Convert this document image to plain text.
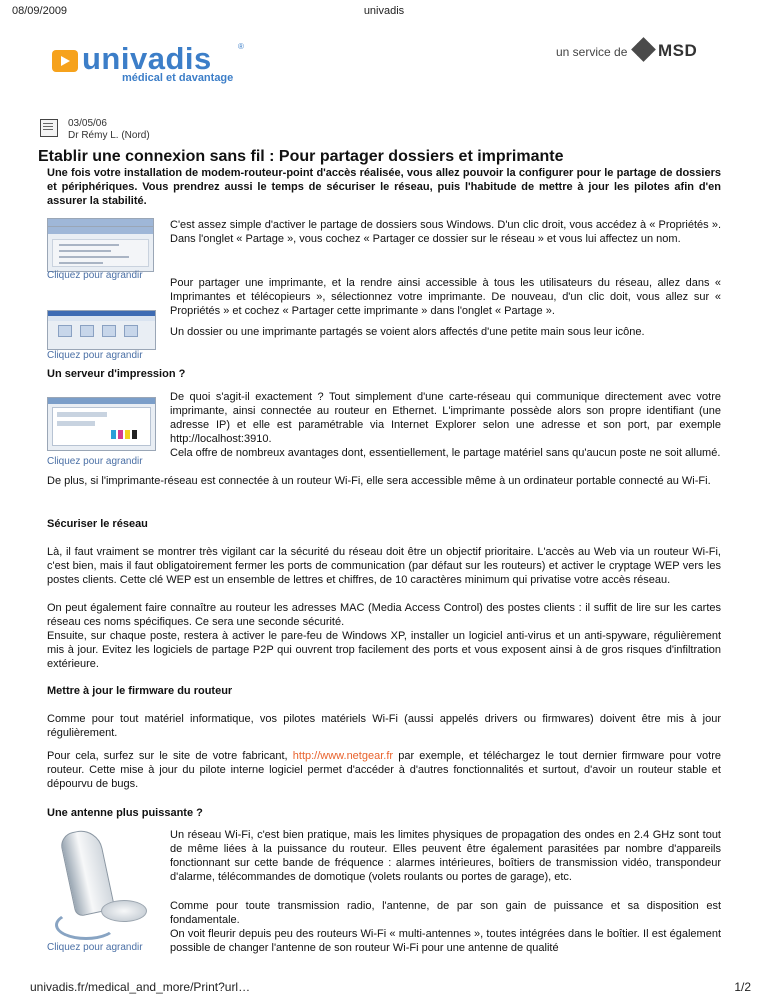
08/09/2009	univadis
univadis	®
médical et davantage
un service de MSD
03/05/06
Dr Rémy L. (Nord)
Etablir une connexion sans fil : Pour partager dossiers et imprimante
Une fois votre installation de modem-routeur-point d'accès réalisée, vous allez pouvoir la configurer pour le partage de dossiers et périphériques. Vous prendrez aussi le temps de sécuriser le réseau, puis l'habitude de mettre à jour les pilotes afin d'en assurer la stabilité.
Cliquez pour agrandir
Cliquez pour agrandir

C'est assez simple d'activer le partage de dossiers sous Windows. D'un clic droit, vous accédez à « Propriétés ». Dans l'onglet « Partage », vous cochez « Partager ce dossier sur le réseau » et vous lui affectez un nom.

Pour partager une imprimante, et la rendre ainsi accessible à tous les utilisateurs du réseau, allez dans « Imprimantes et télécopieurs », sélectionnez votre imprimante. De nouveau, d'un clic doit, vous allez sur « Propriétés » et cochez « Partager cette imprimante » dans l'onglet « Partage ».

Un dossier ou une imprimante partagés se voient alors affectés d'une petite main sous leur icône.

Un serveur d'impression ?
Cliquez pour agrandir

De quoi s'agit-il exactement ? Tout simplement d'une carte-réseau qui communique directement avec votre imprimante, ainsi connectée au routeur en Ethernet. L'imprimante possède alors son propre identifiant (une adresse IP) et elle est paramétrable via Internet Explorer selon une adresse et son port, par exemple http://localhost:3910.

Cela offre de nombreux avantages dont, essentiellement, le partage matériel sans qu'aucun poste ne soit allumé.

De plus, si l'imprimante-réseau est connectée à un routeur Wi-Fi, elle sera accessible même à un ordinateur portable connecté au Wi-Fi.

Sécuriser le réseau

Là, il faut vraiment se montrer très vigilant car la sécurité du réseau doit être un objectif prioritaire. L'accès au Web via un routeur Wi-Fi, c'est bien, mais il faut obligatoirement fermer les ports de communication (par défaut sur les routeurs) et activer le cryptage WEP vers les postes clients. Cette clé WEP est un ensemble de lettres et chiffres, de 10 caractères minimum qui privatise votre accès réseau.

On peut également faire connaître au routeur les adresses MAC (Media Access Control) des postes clients : il suffit de lire sur les cartes réseau ces noms spécifiques. Ce sera une seconde sécurité.

Ensuite, sur chaque poste, restera à activer le pare-feu de Windows XP, installer un logiciel anti-virus et un anti-spyware, régulièrement mis à jour. Evitez les logiciels de partage P2P qui ouvrent trop facilement des ports et vous exposent ainsi à de gros risques d'infiltration extérieure.

Mettre à jour le firmware du routeur

Comme pour tout matériel informatique, vos pilotes matériels Wi-Fi (aussi appelés drivers ou firmwares) doivent être mis à jour régulièrement.

Pour cela, surfez sur le site de votre fabricant, http://www.netgear.fr par exemple, et téléchargez le tout dernier firmware pour votre routeur. Cette mise à jour du pilote interne logiciel permet d'accéder à d'autres fonctionnalités et surtout, d'avoir un routeur stable et dépourvu de bugs.

Une antenne plus puissante ?
Cliquez pour agrandir

Un réseau Wi-Fi, c'est bien pratique, mais les limites physiques de propagation des ondes en 2.4 GHz sont tout de même liées à la puissance du routeur. Elles peuvent être également parasitées par nombre d'appareils fonctionnant sur cette bande de fréquence : alarmes intérieures, boîtiers de transmission vidéo, transpondeur d'alarme, télécommandes de domotique (volets roulants ou portes de garage), etc.

Comme pour toute transmission radio, l'antenne, de par son gain de puissance et sa disposition est fondamentale.

On voit fleurir depuis peu des routeurs Wi-Fi « multi-antennes », toutes intégrées dans le boîtier. Il est également possible de changer l'antenne de son routeur Wi-Fi pour une antenne de qualité

univadis.fr/medical_and_more/Print?url…	1/2
